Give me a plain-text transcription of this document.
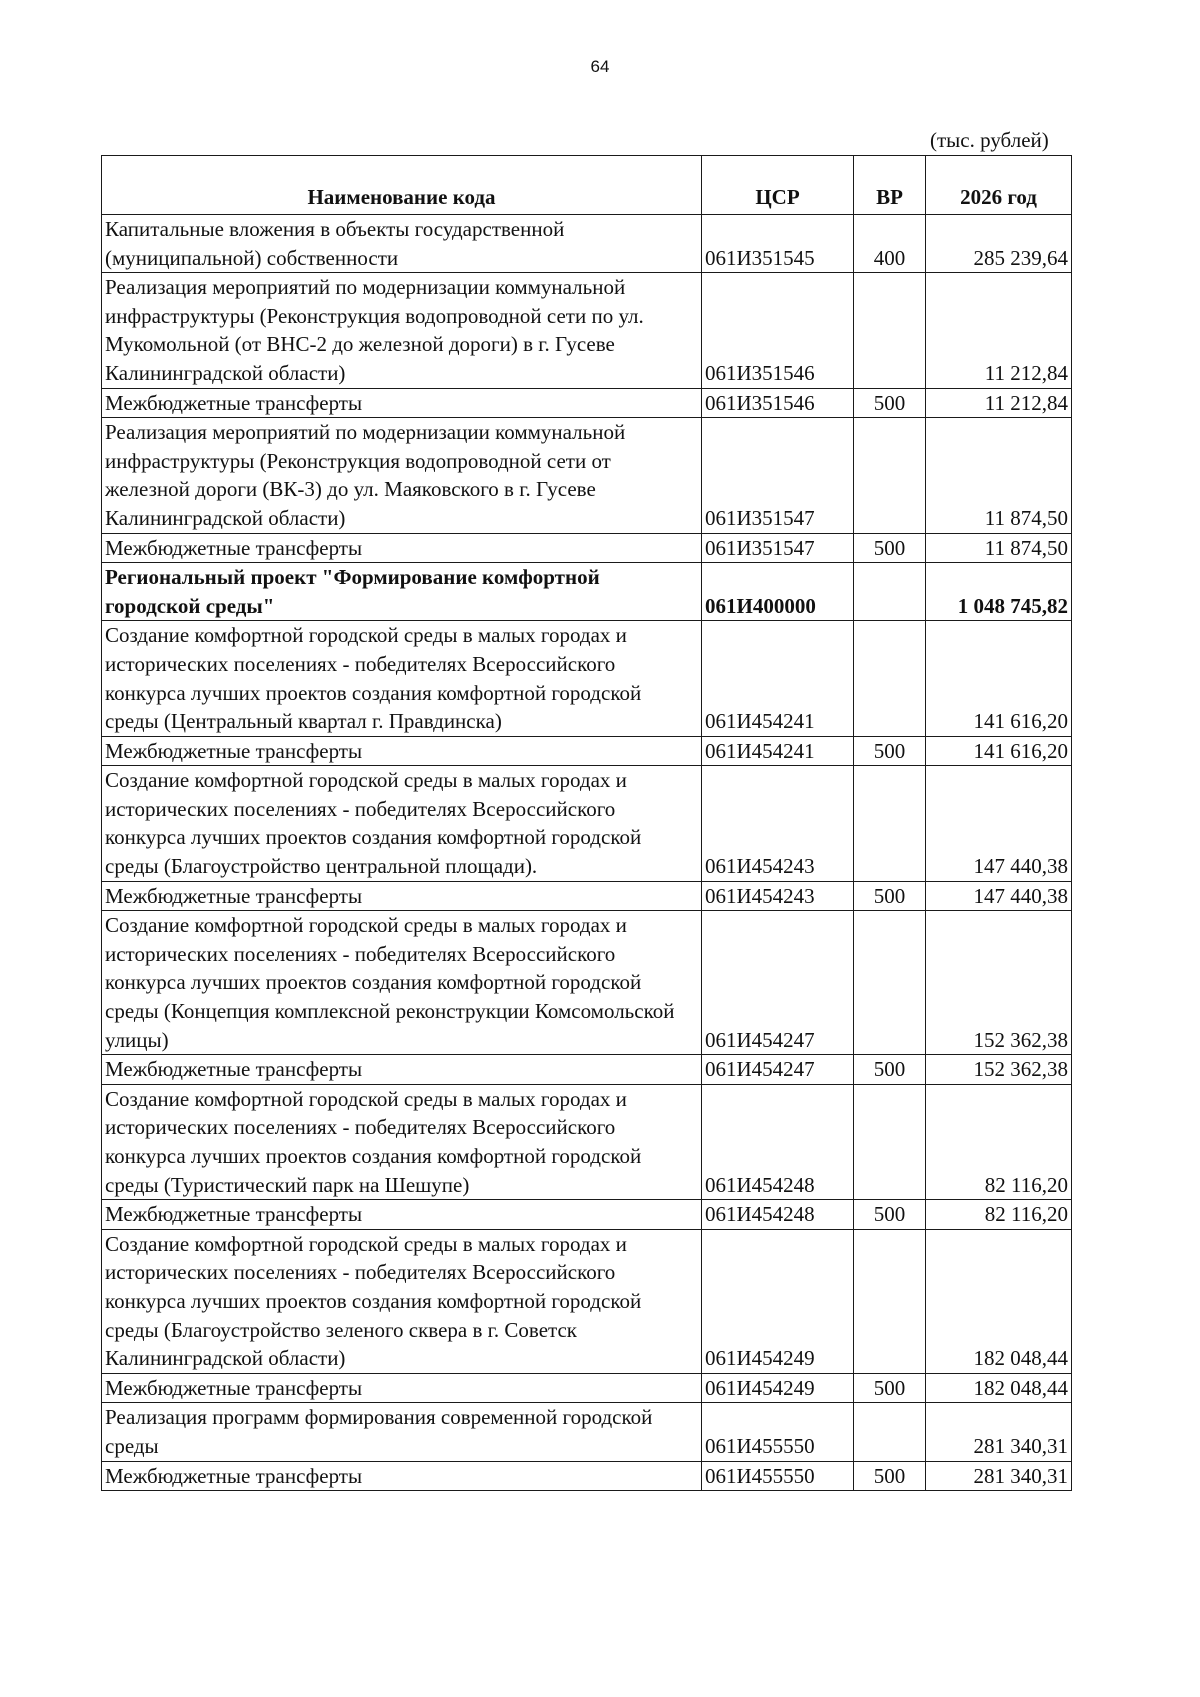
64
(тыс. рублей)
Наименование кода	ЦСР	ВР	2026 год
Капитальные вложения в объекты государственной (муниципальной) собственности	061И351545	400	285 239,64
Реализация мероприятий по модернизации коммунальной инфраструктуры (Реконструкция водопроводной сети по ул. Мукомольной (от ВНС-2 до железной дороги) в г. Гусеве Калининградской области)	061И351546		11 212,84
Межбюджетные трансферты	061И351546	500	11 212,84
Реализация мероприятий по модернизации коммунальной инфраструктуры (Реконструкция водопроводной сети от железной дороги (ВК-3) до ул. Маяковского в г. Гусеве Калининградской области)	061И351547		11 874,50
Межбюджетные трансферты	061И351547	500	11 874,50
Региональный проект "Формирование комфортной городской среды"	061И400000		1 048 745,82
Создание комфортной городской среды в малых городах и исторических поселениях - победителях Всероссийского конкурса лучших проектов создания комфортной городской среды (Центральный квартал г. Правдинска)	061И454241		141 616,20
Межбюджетные трансферты	061И454241	500	141 616,20
Создание комфортной городской среды в малых городах и исторических поселениях - победителях Всероссийского конкурса лучших проектов создания комфортной городской среды (Благоустройство центральной площади).	061И454243		147 440,38
Межбюджетные трансферты	061И454243	500	147 440,38
Создание комфортной городской среды в малых городах и исторических поселениях - победителях Всероссийского конкурса лучших проектов создания комфортной городской среды (Концепция комплексной реконструкции Комсомольской улицы)	061И454247		152 362,38
Межбюджетные трансферты	061И454247	500	152 362,38
Создание комфортной городской среды в малых городах и исторических поселениях - победителях Всероссийского конкурса лучших проектов создания комфортной городской среды (Туристический парк на Шешупе)	061И454248		82 116,20
Межбюджетные трансферты	061И454248	500	82 116,20
Создание комфортной городской среды в малых городах и исторических поселениях - победителях Всероссийского конкурса лучших проектов создания комфортной городской среды (Благоустройство зеленого сквера в г. Советск Калининградской области)	061И454249		182 048,44
Межбюджетные трансферты	061И454249	500	182 048,44
Реализация программ формирования современной городской среды	061И455550		281 340,31
Межбюджетные трансферты	061И455550	500	281 340,31
